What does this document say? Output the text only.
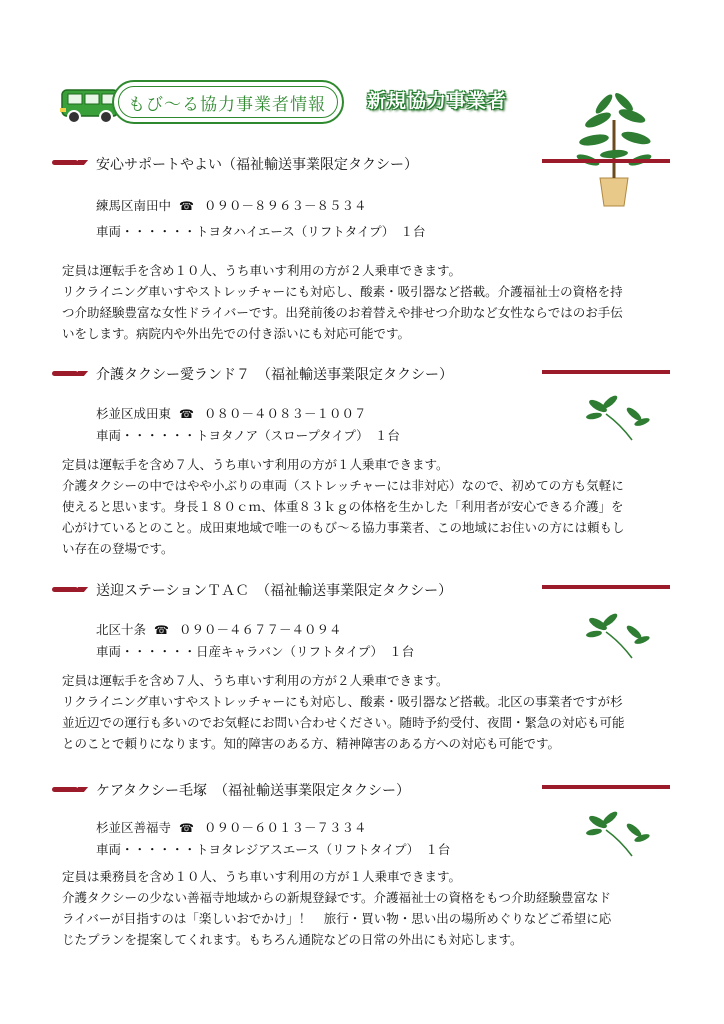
もび～る協力事業者情報 新規協力事業者
安心サポートやよい（福祉輸送事業限定タクシー）
練馬区南田中 ☎ ０９０－８９６３－８５３４
車両・・・・・・トヨタハイエース（リフトタイプ）　１台
定員は運転手を含め１０人、うち車いす利用の方が２人乗車できます。
リクライニング車いすやストレッチャーにも対応し、酸素・吸引器など搭載。介護福祉士の資格を持
つ介助経験豊富な女性ドライバーです。出発前後のお着替えや排せつ介助など女性ならではのお手伝
いをします。病院内や外出先での付き添いにも対応可能です。
介護タクシー愛ランド７　（福祉輸送事業限定タクシー）
杉並区成田東 ☎ ０８０－４０８３－１００７
車両・・・・・・トヨタノア（スロープタイプ）　１台
定員は運転手を含め７人、うち車いす利用の方が１人乗車できます。
介護タクシーの中ではやや小ぶりの車両（ストレッチャーには非対応）なので、初めての方も気軽に
使えると思います。身長１８０ｃｍ、体重８３ｋｇの体格を生かした「利用者が安心できる介護」を
心がけているとのこと。成田東地域で唯一のもび～る協力事業者、この地域にお住いの方には頼もし
い存在の登場です。
送迎ステーションＴＡＣ　（福祉輸送事業限定タクシー）
北区十条 ☎ ０９０－４６７７－４０９４
車両・・・・・・日産キャラバン（リフトタイプ）　１台
定員は運転手を含め７人、うち車いす利用の方が２人乗車できます。
リクライニング車いすやストレッチャーにも対応し、酸素・吸引器など搭載。北区の事業者ですが杉
並近辺での運行も多いのでお気軽にお問い合わせください。随時予約受付、夜間・緊急の対応も可能
とのことで頼りになります。知的障害のある方、精神障害のある方への対応も可能です。
ケアタクシー毛塚　（福祉輸送事業限定タクシー）
杉並区善福寺 ☎ ０９０－６０１３－７３３４
車両・・・・・・トヨタレジアスエース（リフトタイプ）　１台
定員は乗務員を含め１０人、うち車いす利用の方が１人乗車できます。
介護タクシーの少ない善福寺地域からの新規登録です。介護福祉士の資格をもつ介助経験豊富なド
ライバーが目指すのは「楽しいおでかけ」！　旅行・買い物・思い出の場所めぐりなどご希望に応
じたプランを提案してくれます。もちろん通院などの日常の外出にも対応します。
